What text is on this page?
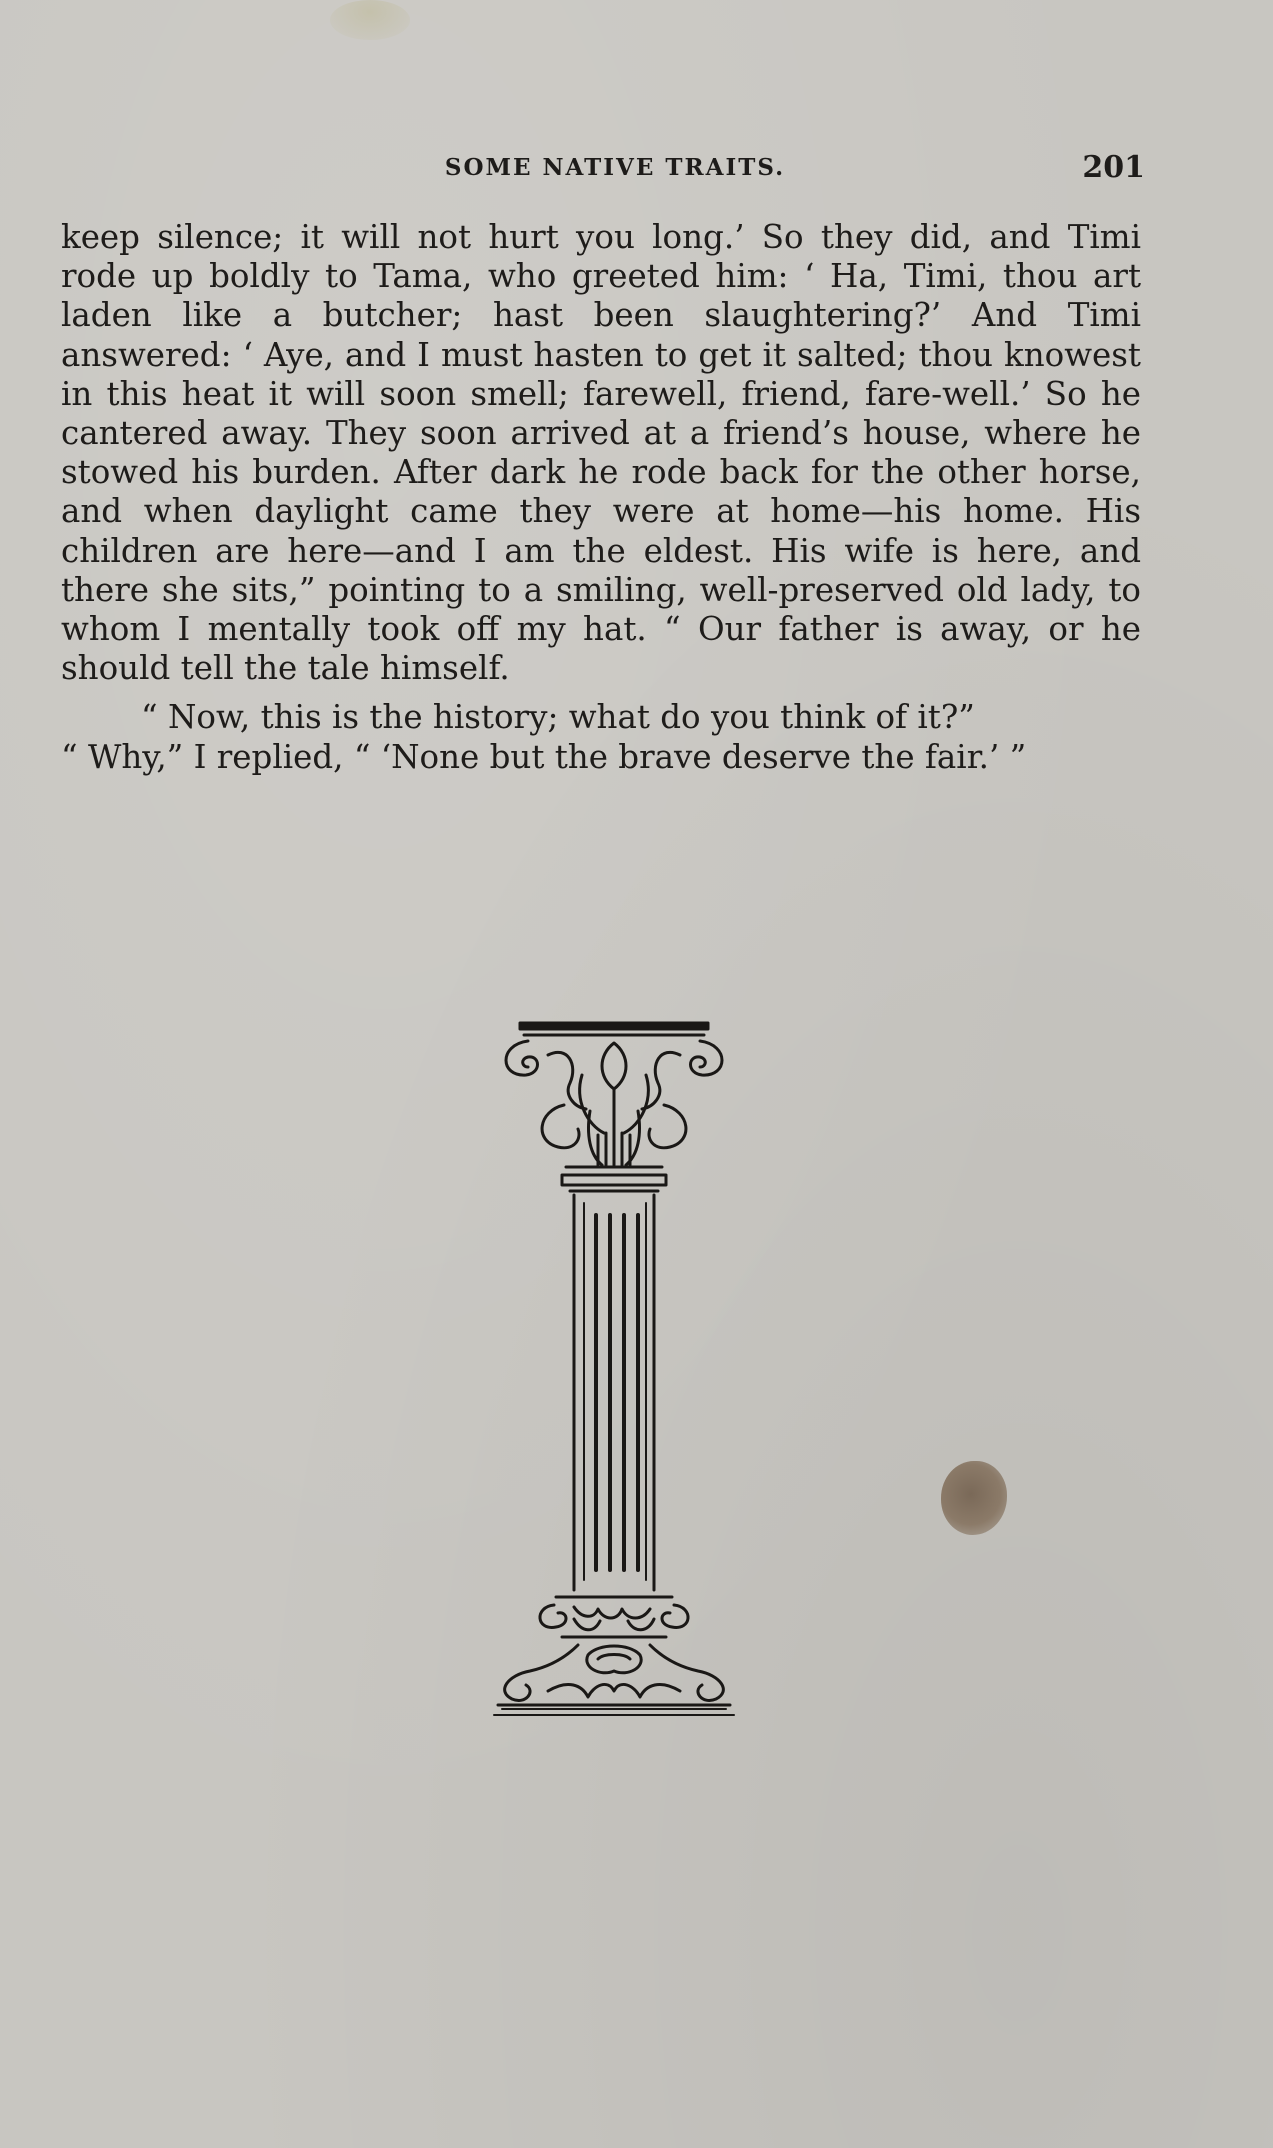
SOME NATIVE TRAITS.	201

keep silence; it will not hurt you long.’ So they did, and Timi rode up boldly to Tama, who greeted him: ‘ Ha, Timi, thou art laden like a butcher; hast been slaughtering?’ And Timi answered: ‘ Aye, and I must hasten to get it salted; thou knowest in this heat it will soon smell; farewell, friend, fare-well.’ So he cantered away. They soon arrived at a friend’s house, where he stowed his burden. After dark he rode back for the other horse, and when daylight came they were at home—his home. His children are here—and I am the eldest. His wife is here, and there she sits,” pointing to a smiling, well-preserved old lady, to whom I mentally took off my hat. “ Our father is away, or he should tell the tale himself.

“ Now, this is the history; what do you think of it?”

“ Why,” I replied, “ ‘None but the brave deserve the fair.’ ”
